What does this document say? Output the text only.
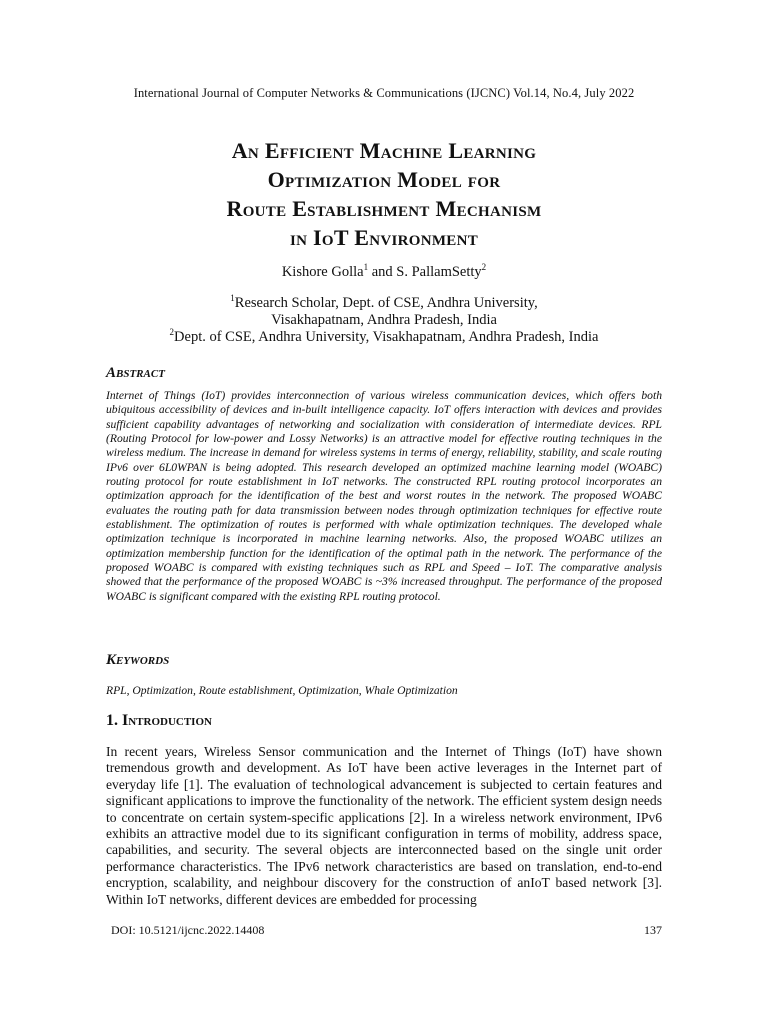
International Journal of Computer Networks & Communications (IJCNC) Vol.14, No.4, July 2022
An Efficient Machine Learning
Optimization Model for
Route Establishment Mechanism
in IoT Environment
Kishore Golla$^1$ and S. PallamSetty$^2$
$^1$Research Scholar, Dept. of CSE, Andhra University,
Visakhapatnam, Andhra Pradesh, India
$^2$Dept. of CSE, Andhra University, Visakhapatnam, Andhra Pradesh, India
Abstract
Internet of Things (IoT) provides interconnection of various wireless communication devices, which offers both ubiquitous accessibility of devices and in-built intelligence capacity. IoT offers interaction with devices and provides sufficient capability advantages of networking and socialization with consideration of intermediate devices. RPL (Routing Protocol for low-power and Lossy Networks) is an attractive model for effective routing techniques in the wireless medium. The increase in demand for wireless systems in terms of energy, reliability, stability, and scale routing IPv6 over 6L0WPAN is being adopted. This research developed an optimized machine learning model (WOABC) routing protocol for route establishment in IoT networks. The constructed RPL routing protocol incorporates an optimization approach for the identification of the best and worst routes in the network. The proposed WOABC evaluates the routing path for data transmission between nodes through optimization techniques for effective route establishment. The optimization of routes is performed with whale optimization techniques. The developed whale optimization technique is incorporated in machine learning networks. Also, the proposed WOABC utilizes an optimization membership function for the identification of the optimal path in the network. The performance of the proposed WOABC is compared with existing techniques such as RPL and Speed – IoT. The comparative analysis showed that the performance of the proposed WOABC is ~3% increased throughput. The performance of the proposed WOABC is significant compared with the existing RPL routing protocol.
Keywords
RPL, Optimization, Route establishment, Optimization, Whale Optimization
1. Introduction
In recent years, Wireless Sensor communication and the Internet of Things (IoT) have shown tremendous growth and development. As IoT have been active leverages in the Internet part of everyday life [1]. The evaluation of technological advancement is subjected to certain features and significant applications to improve the functionality of the network. The efficient system design needs to concentrate on certain system-specific applications [2]. In a wireless network environment, IPv6 exhibits an attractive model due to its significant configuration in terms of mobility, address space, capabilities, and security. The several objects are interconnected based on the single unit order performance characteristics. The IPv6 network characteristics are based on translation, end-to-end encryption, scalability, and neighbour discovery for the construction of anIoT based network [3]. Within IoT networks, different devices are embedded for processing
DOI: 10.5121/ijcnc.2022.14408	137
